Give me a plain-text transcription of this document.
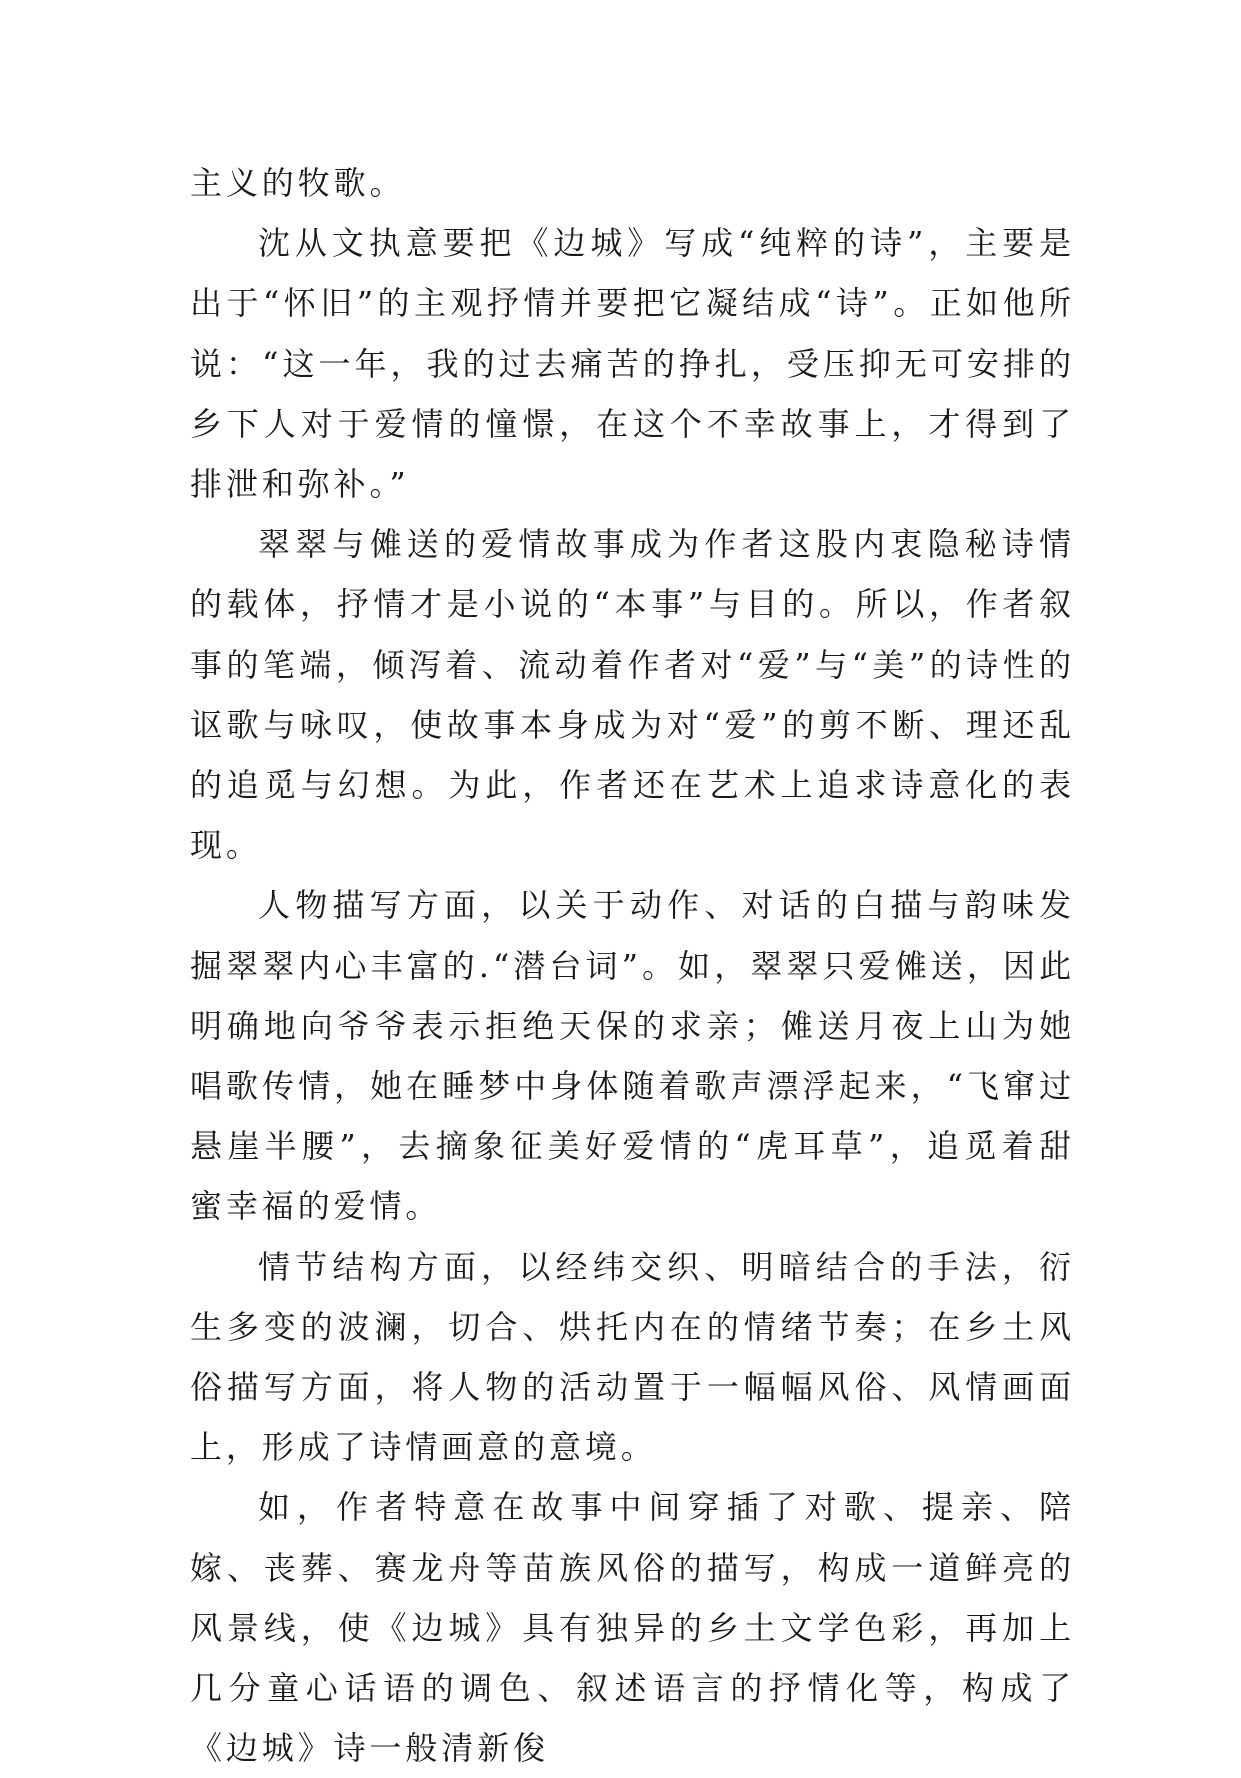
主义的牧歌。

沈从文执意要把《边城》写成“纯粹的诗”，主要是出于“怀旧”的主观抒情并要把它凝结成“诗”。正如他所说：“这一年，我的过去痛苦的挣扎，受压抑无可安排的乡下人对于爱情的憧憬，在这个不幸故事上，才得到了排泄和弥补。”

翠翠与傩送的爱情故事成为作者这股内衷隐秘诗情的载体，抒情才是小说的“本事”与目的。所以，作者叙事的笔端，倾泻着、流动着作者对“爱”与“美”的诗性的讴歌与咏叹，使故事本身成为对“爱”的剪不断、理还乱的追觅与幻想。为此，作者还在艺术上追求诗意化的表现。

人物描写方面，以关于动作、对话的白描与韵味发掘翠翠内心丰富的.“潜台词”。如，翠翠只爱傩送，因此明确地向爷爷表示拒绝天保的求亲；傩送月夜上山为她唱歌传情，她在睡梦中身体随着歌声漂浮起来，“飞窜过悬崖半腰”，去摘象征美好爱情的“虎耳草”，追觅着甜蜜幸福的爱情。

情节结构方面，以经纬交织、明暗结合的手法，衍生多变的波澜，切合、烘托内在的情绪节奏；在乡土风俗描写方面，将人物的活动置于一幅幅风俗、风情画面上，形成了诗情画意的意境。

如，作者特意在故事中间穿插了对歌、提亲、陪嫁、丧葬、赛龙舟等苗族风俗的描写，构成一道鲜亮的风景线，使《边城》具有独异的乡土文学色彩，再加上几分童心话语的调色、叙述语言的抒情化等，构成了《边城》诗一般清新俊
